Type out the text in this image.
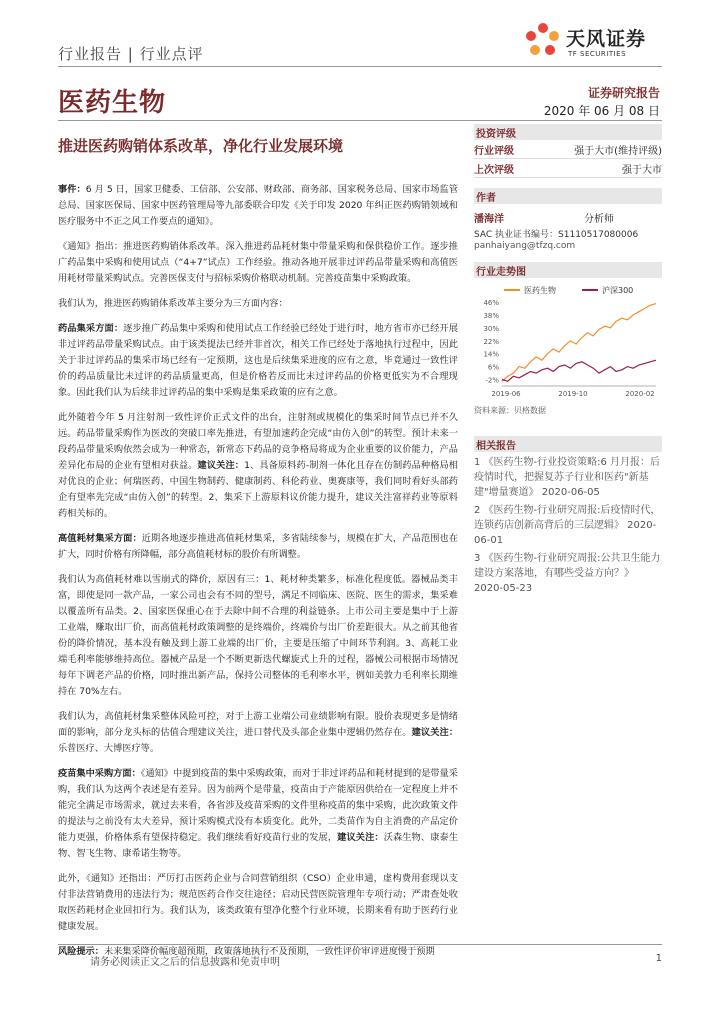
行业报告 | 行业点评
天风证券
TF SECURITIES
医药生物	证券研究报告
2020 年 06 月 08 日
推进医药购销体系改革，净化行业发展环境

事件：6 月 5 日，国家卫健委、工信部、公安部、财政部、商务部、国家税务总局、国家市场监管总局、国家医保局、国家中医药管理局等九部委联合印发《关于印发 2020 年纠正医药购销领域和医疗服务中不正之风工作要点的通知》。

《通知》指出：推进医药购销体系改革。深入推进药品耗材集中带量采购和保供稳价工作。逐步推广药品集中采购和使用试点（“4+7”试点）工作经验。推动各地开展非过评药品带量采购和高值医用耗材带量采购试点。完善医保支付与招标采购价格联动机制。完善疫苗集中采购政策。

我们认为，推进医药购销体系改革主要分为三方面内容：

药品集采方面：逐步推广药品集中采购和使用试点工作经验已经处于进行时，地方省市亦已经开展非过评药品带量采购试点。由于该类提法已经并非首次，相关工作已经处于落地执行过程中，因此关于非过评药品的集采市场已经有一定预期，这也是后续集采进度的应有之意，毕竟通过一致性评价的药品质量比未过评的药品质量更高，但是价格若反而比未过评药品的价格更低实为不合理现象。因此我们认为后续非过评药品的集中采购是集采政策的应有之意。

此外随着今年 5 月注射剂一致性评价正式文件的出台，注射剂或规模化的集采时间节点已并不久远。药品带量采购作为医改的突破口率先推进，有望加速药企完成“由仿入创”的转型。预计未来一段药品带量采购依然会成为一种常态，新常态下药品的竞争格局将成为企业重要的议价能力，产品差异化布局的企业有望相对获益。建议关注：1、具备原料药-制剂一体化且存在仿制药品种格局相对优良的企业；何瑞医药、中国生物制药、健康制药、科伦药业、奥赛康等，我们同时看好头部药企有望率先完成“由仿入创”的转型。2、集采下上游原料议价能力提升，建议关注富祥药业等原料药相关标的。

高值耗材集采方面：近期各地逐步推进高值耗材集采，多省陆续参与，规模在扩大，产品范围也在扩大，同时价格有所降幅，部分高值耗材标的股价有所调整。

我们认为高值耗材难以雪崩式的降价，原因有三：1、耗材种类繁多，标准化程度低。器械品类丰富，即使是同一款产品，一家公司也会有不同的型号，满足不同临床、医院、医生的需求，集采难以覆盖所有品类。2、国家医保重心在于去除中间不合理的利益链条。上市公司主要是集中于上游工业端，赚取出厂价，而高值耗材政策调整的是终端价，终端价与出厂价差距很大。从之前其他省份的降价情况，基本没有触及到上游工业端的出厂价，主要是压缩了中间环节利润。3、高耗工业端毛利率能够维持高位。器械产品是一个不断更新迭代螺旋式上升的过程，器械公司根据市场情况每年下调老产品的价格，同时推出新产品，保持公司整体的毛利率水平，例如美敦力毛利率长期维持在 70%左右。

我们认为，高值耗材集采整体风险可控，对于上游工业端公司业绩影响有限。股价表现更多是情绪面的影响，部分龙头标的估值合理建议关注，进口替代及头部企业集中逻辑仍然存在。建议关注：乐普医疗、大博医疗等。

疫苗集中采购方面：《通知》中提到疫苗的集中采购政策，而对于非过评药品和耗材提到的是带量采购，我们认为这两个表述是有差异。因为前两个是带量，疫苗由于产能原因供给在一定程度上并不能完全满足市场需求，就过去来看，各省涉及疫苗采购的文件里称疫苗的集中采购，此次政策文件的提法与之前没有太大差异，预计采购模式没有本质变化。此外，二类苗作为自主消费的产品定价能力更强，价格体系有望保持稳定。我们继续看好疫苗行业的发展，建议关注：沃森生物、康泰生物、智飞生物、康希诺生物等。

此外，《通知》还指出：严厉打击医药企业与合同营销组织（CSO）企业串通，虚构费用套现以支付非法营销费用的违法行为；规范医药合作交往途径；启动民营医院管理年专项行动；严肃查处收取医药耗材企业回扣行为。我们认为，该类政策有望净化整个行业环境，长期来看有助于医药行业健康发展。

风险提示：未来集采降价幅度超预期，政策落地执行不及预期，一致性评价审评进度慢于预期

投资评级
行业评级	强于大市(维持评级)
上次评级	强于大市
作者
潘海洋	分析师
SAC 执业证书编号：S1110517080006
panhaiyang@tfzq.com
行业走势图
医药生物	沪深300
46%
38%
30%
22%
14%
6%
-2%
2019-06	2019-10	2020-02
资料来源：贝格数据
相关报告
1 《医药生物-行业投资策略:6 月月报：后疫情时代，把握复苏子行业和医药"新基建"增量赛道》 2020-06-05
2 《医药生物-行业研究周报:后疫情时代，连锁药店创新高背后的三层逻辑》 2020-06-01
3 《医药生物-行业研究周报:公共卫生能力建设方案落地，有哪些受益方向？》 2020-05-23
请务必阅读正文之后的信息披露和免责申明	1
